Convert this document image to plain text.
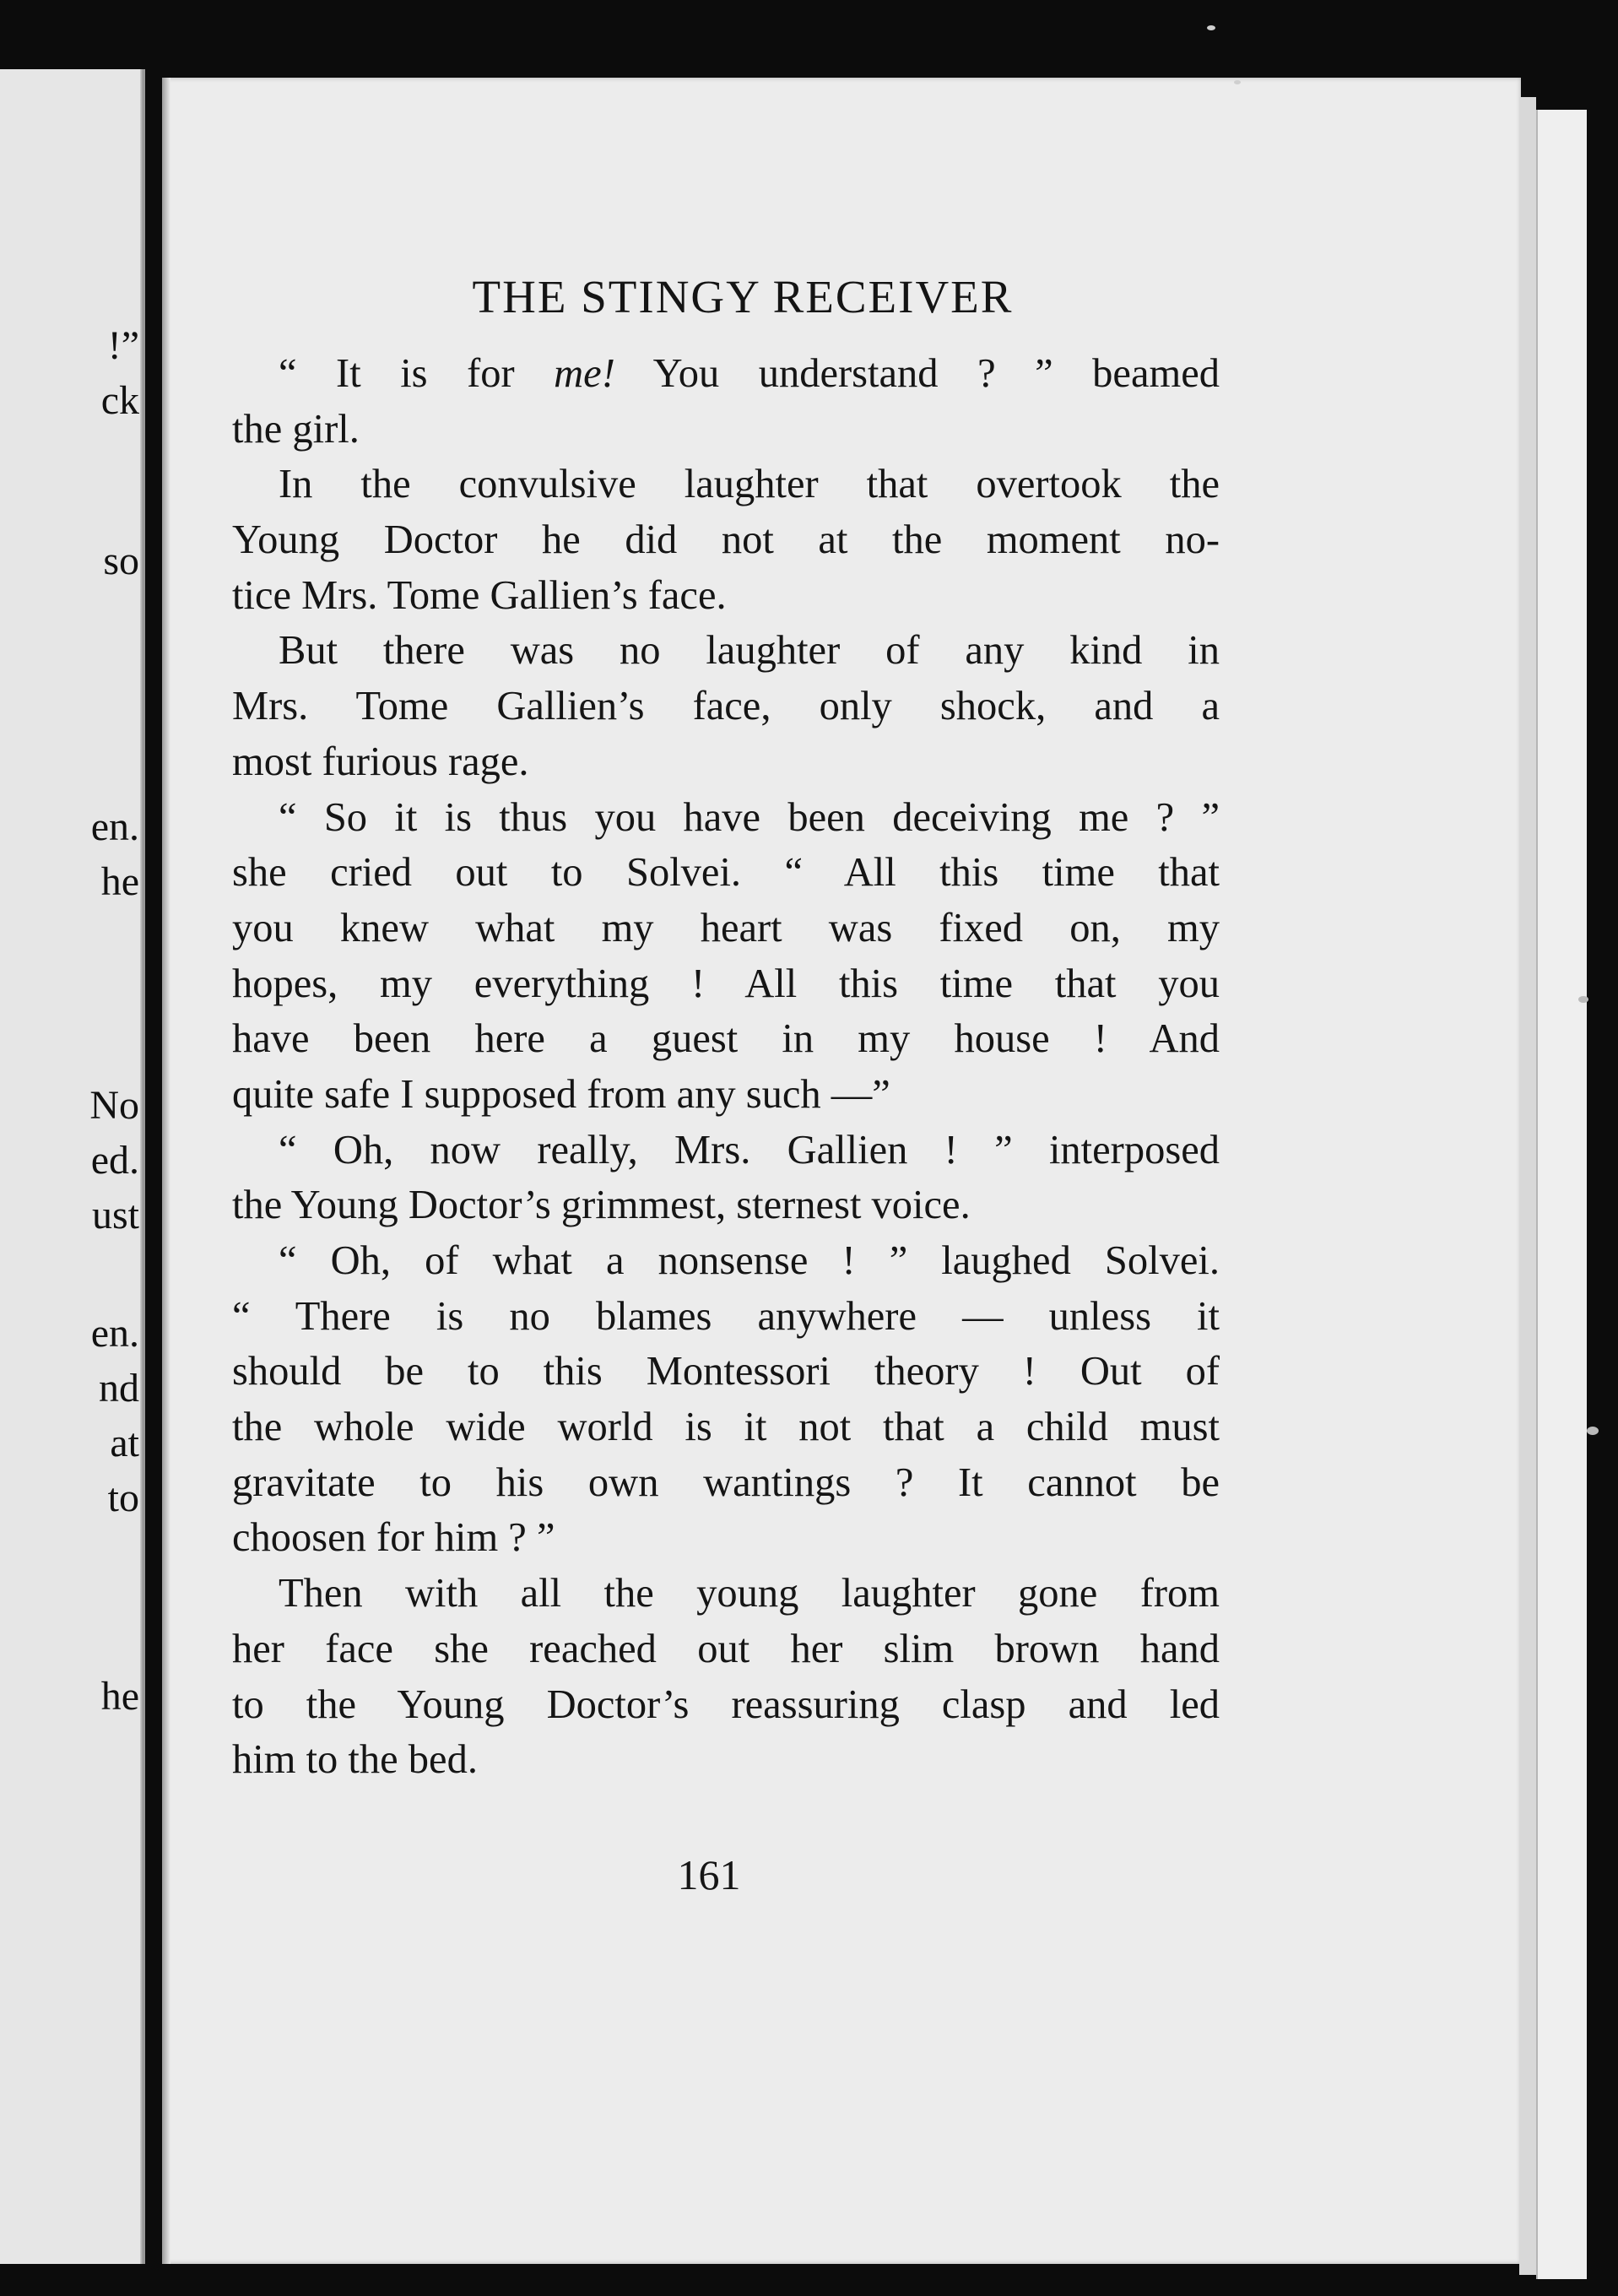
!”
ck
so
en.
he
No
ed.
ust
en.
nd
at
to
he
THE STINGY RECEIVER
“ It is for me! You understand ? ” beamed
the girl.
In the convulsive laughter that overtook the
Young Doctor he did not at the moment no-
tice Mrs. Tome Gallien’s face.
But there was no laughter of any kind in
Mrs. Tome Gallien’s face, only shock, and a
most furious rage.
“ So it is thus you have been deceiving me ? ”
she cried out to Solvei. “ All this time that
you knew what my heart was fixed on, my
hopes, my everything ! All this time that you
have been here a guest in my house ! And
quite safe I supposed from any such —”
“ Oh, now really, Mrs. Gallien ! ” interposed
the Young Doctor’s grimmest, sternest voice.
“ Oh, of what a nonsense ! ” laughed Solvei.
“ There is no blames anywhere — unless it
should be to this Montessori theory ! Out of
the whole wide world is it not that a child must
gravitate to his own wantings ? It cannot be
choosen for him ? ”
Then with all the young laughter gone from
her face she reached out her slim brown hand
to the Young Doctor’s reassuring clasp and led
him to the bed.
161
